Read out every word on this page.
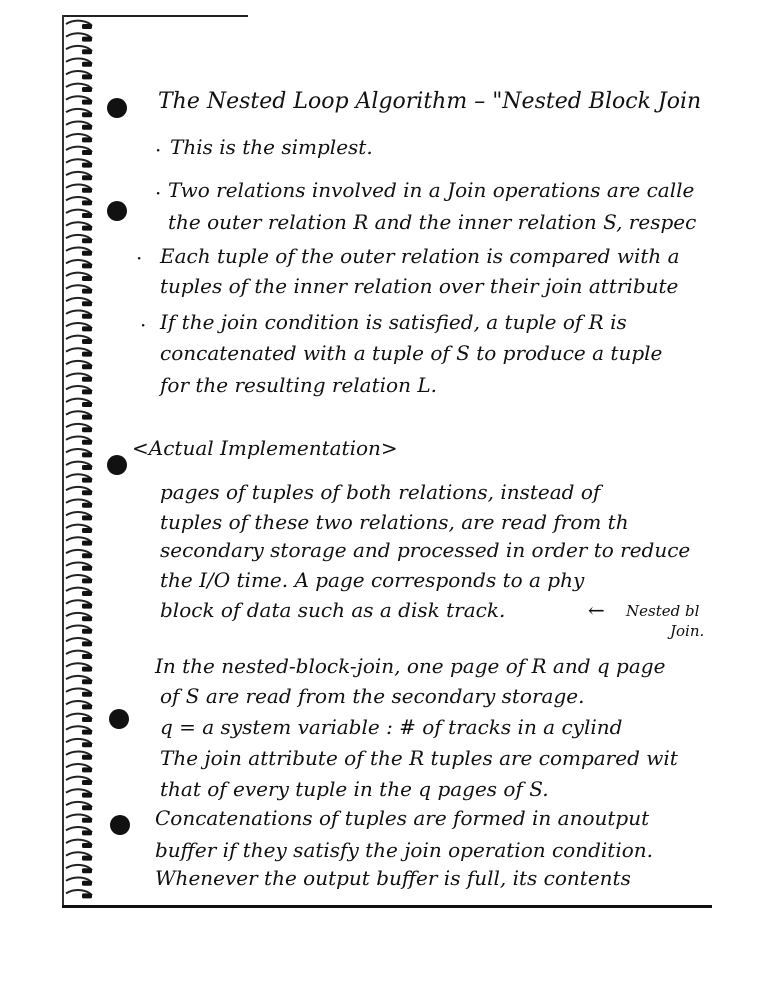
The Nested Loop Algorithm – "Nested Block Join
· This is the simplest.
· Two relations involved in a Join operations are calle
the outer relation R and the inner relation S, respec
· Each tuple of the outer relation is compared with a
tuples of the inner relation over their join attribute
· If the join condition is satisfied, a tuple of R is
concatenated with a tuple of S to produce a tuple
for the resulting relation L.
<Actual Implementation>
pages of tuples of both relations, instead of
tuples of these two relations, are read from th
secondary storage and processed in order to reduce
the I/O time. A page corresponds to a phy
block of data such as a disk track.	← Nested bl
Join.
In the nested-block-join, one page of R and q page
of S are read from the secondary storage.
q = a system variable : # of tracks in a cylind
The join attribute of the R tuples are compared wit
that of every tuple in the q pages of S.
Concatenations of tuples are formed in anoutput
buffer if they satisfy the join operation condition.
Whenever the output buffer is full, its contents
